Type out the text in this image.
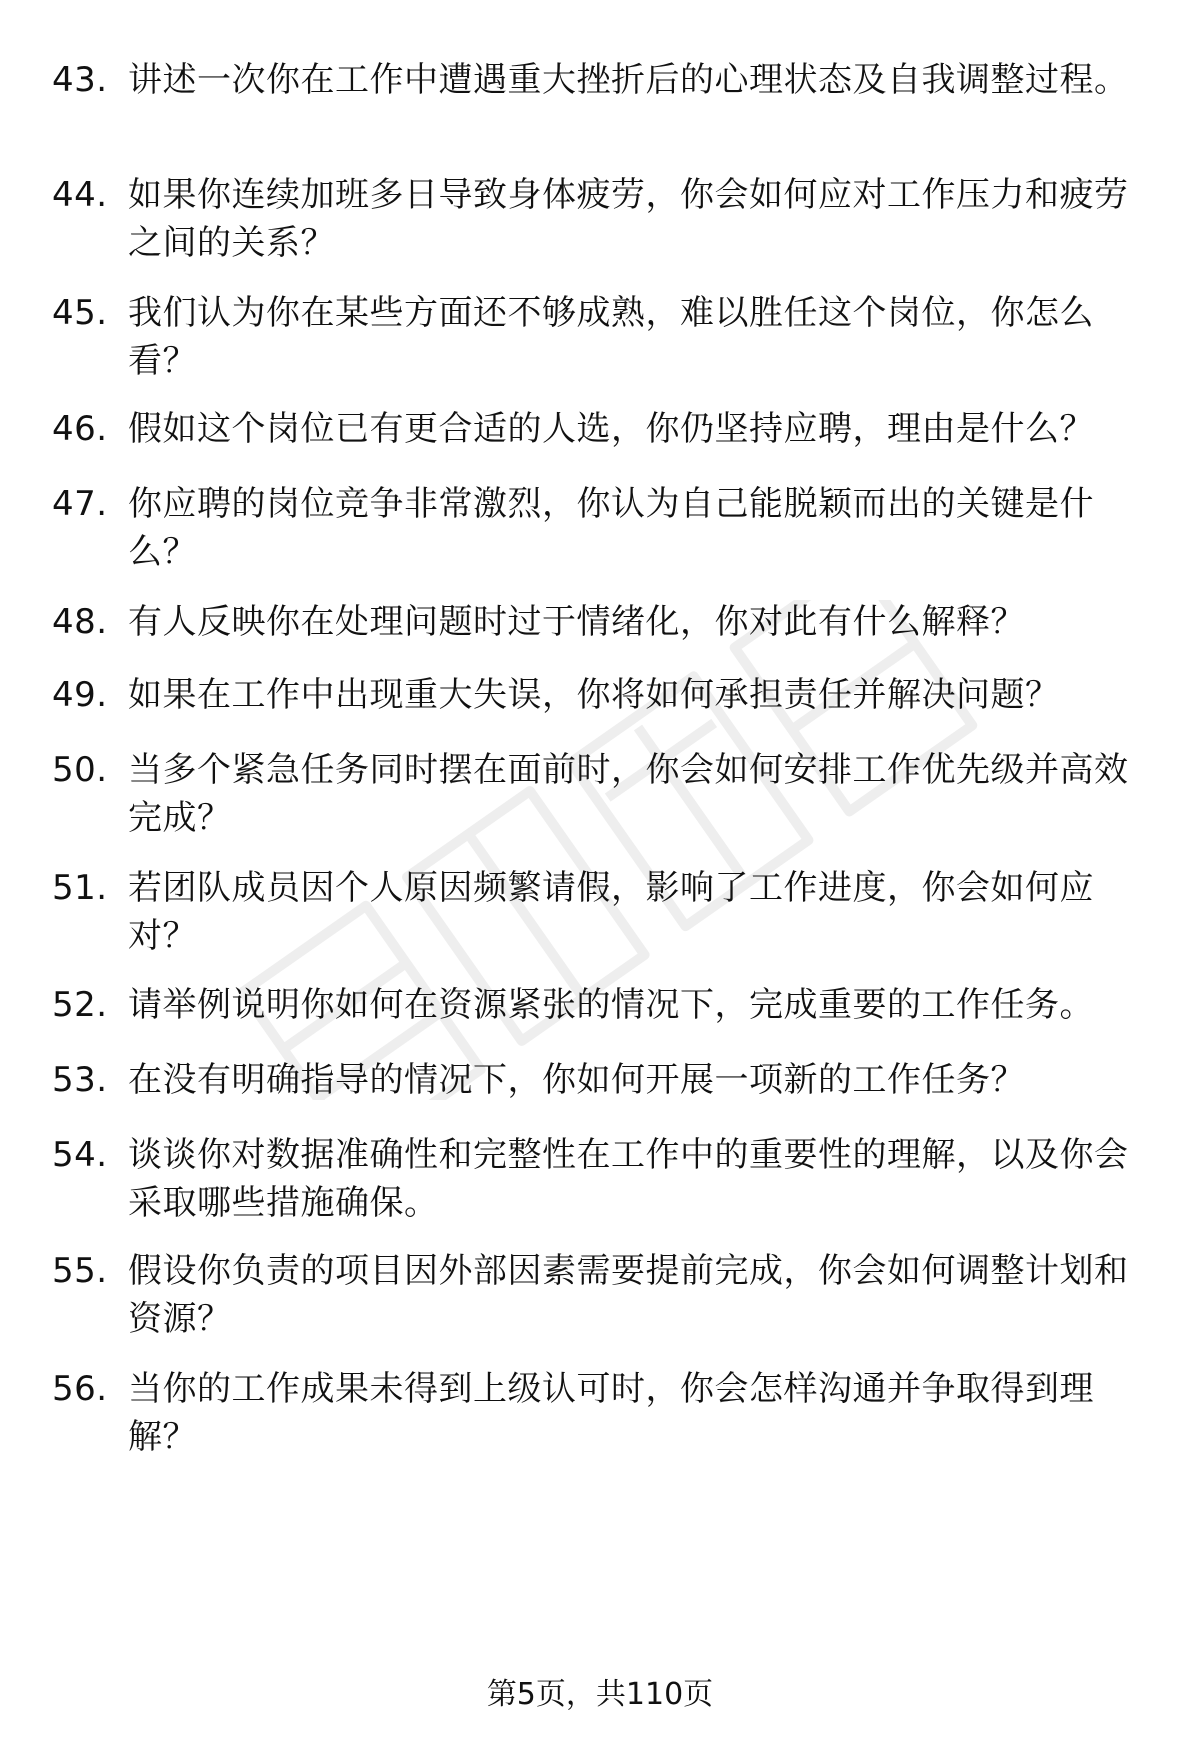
43. 讲述一次你在工作中遭遇重大挫折后的心理状态及自我调整过程。
44. 如果你连续加班多日导致身体疲劳，你会如何应对工作压力和疲劳之间的关系？
45. 我们认为你在某些方面还不够成熟，难以胜任这个岗位，你怎么看？
46. 假如这个岗位已有更合适的人选，你仍坚持应聘，理由是什么？
47. 你应聘的岗位竞争非常激烈，你认为自己能脱颖而出的关键是什么？
48. 有人反映你在处理问题时过于情绪化，你对此有什么解释？
49. 如果在工作中出现重大失误，你将如何承担责任并解决问题？
50. 当多个紧急任务同时摆在面前时，你会如何安排工作优先级并高效完成？
51. 若团队成员因个人原因频繁请假，影响了工作进度，你会如何应对？
52. 请举例说明你如何在资源紧张的情况下，完成重要的工作任务。
53. 在没有明确指导的情况下，你如何开展一项新的工作任务？
54. 谈谈你对数据准确性和完整性在工作中的重要性的理解，以及你会采取哪些措施确保。
55. 假设你负责的项目因外部因素需要提前完成，你会如何调整计划和资源？
56. 当你的工作成果未得到上级认可时，你会怎样沟通并争取得到理解？
第5页，共110页
